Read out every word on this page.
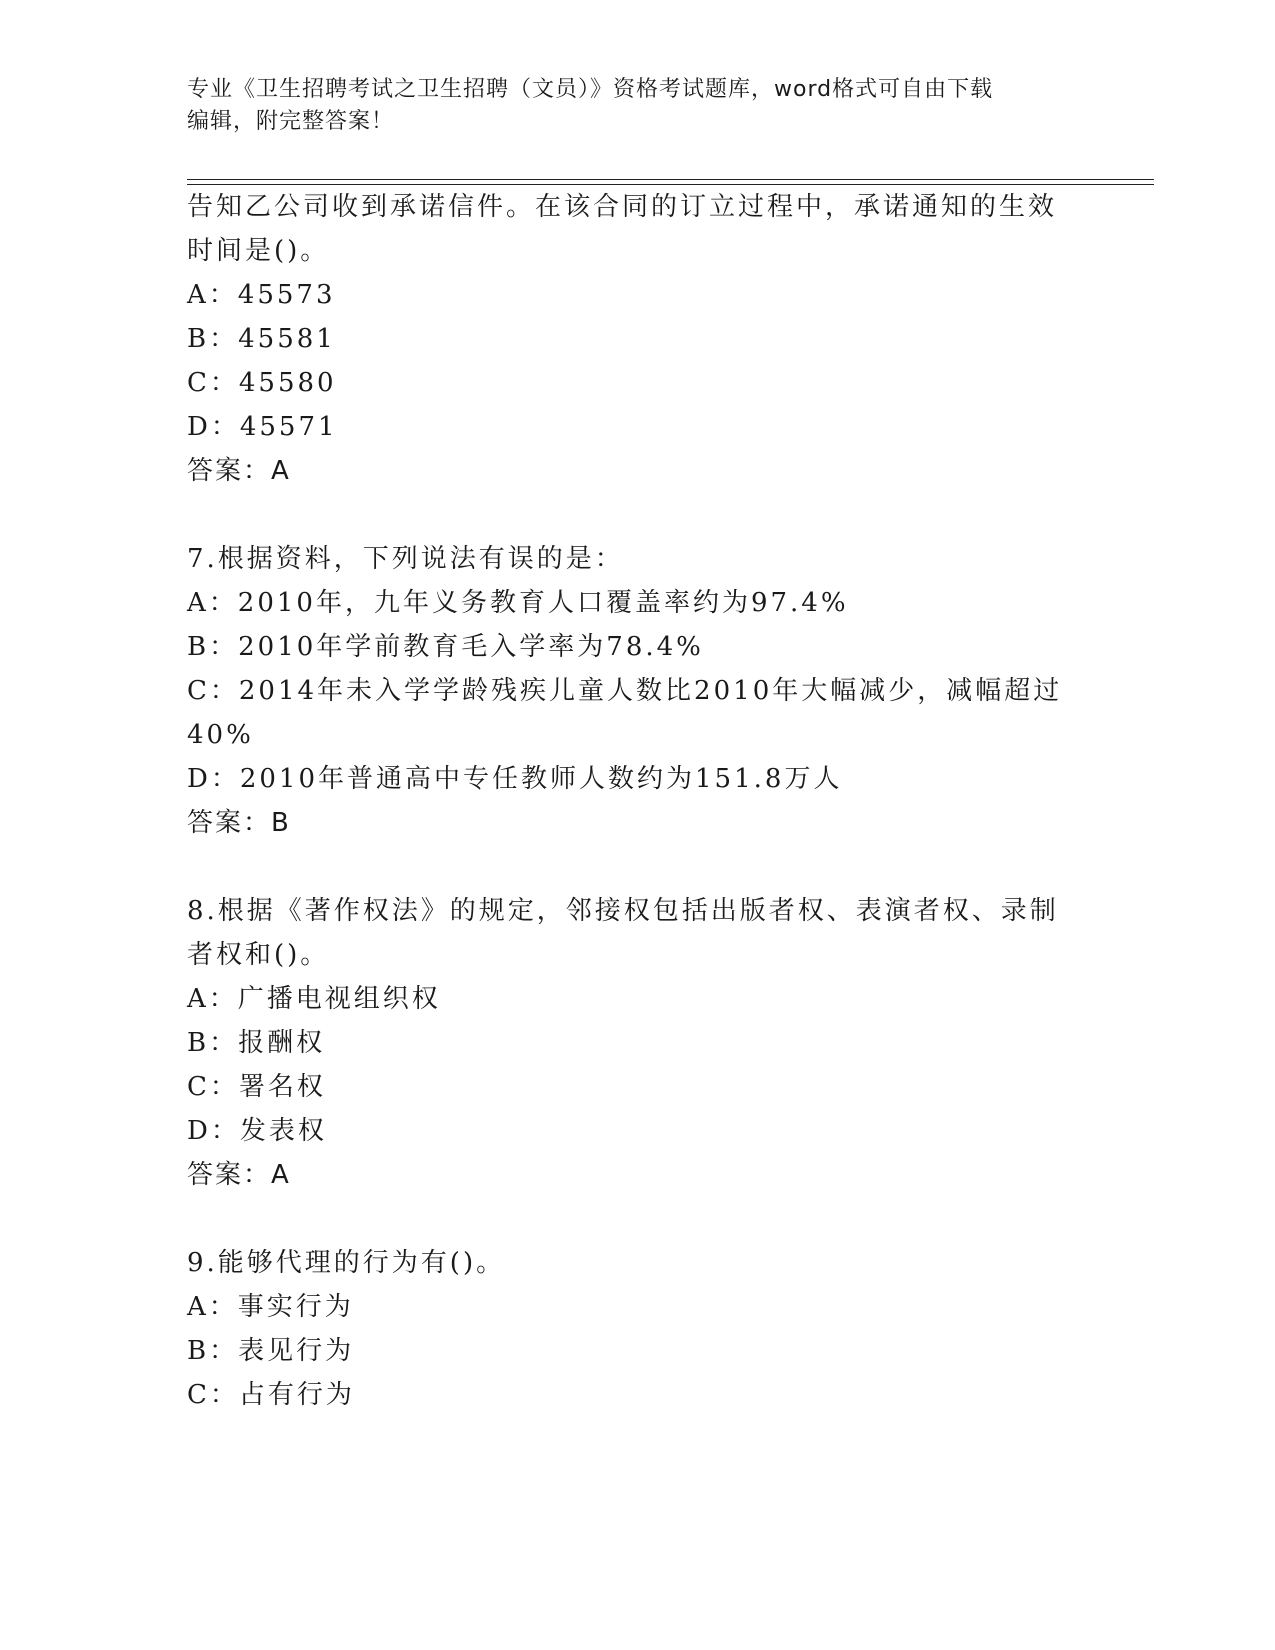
专业《卫生招聘考试之卫生招聘（文员）》资格考试题库，word格式可自由下载
编辑，附完整答案！
告知乙公司收到承诺信件。在该合同的订立过程中，承诺通知的生效
时间是()。
A：45573
B：45581
C：45580
D：45571
答案：A
7.根据资料，下列说法有误的是：
A：2010年，九年义务教育人口覆盖率约为97.4%
B：2010年学前教育毛入学率为78.4%
C：2014年未入学学龄残疾儿童人数比2010年大幅减少，减幅超过
40%
D：2010年普通高中专任教师人数约为151.8万人
答案：B
8.根据《著作权法》的规定，邻接权包括出版者权、表演者权、录制
者权和()。
A：广播电视组织权
B：报酬权
C：署名权
D：发表权
答案：A
9.能够代理的行为有()。
A：事实行为
B：表见行为
C：占有行为
